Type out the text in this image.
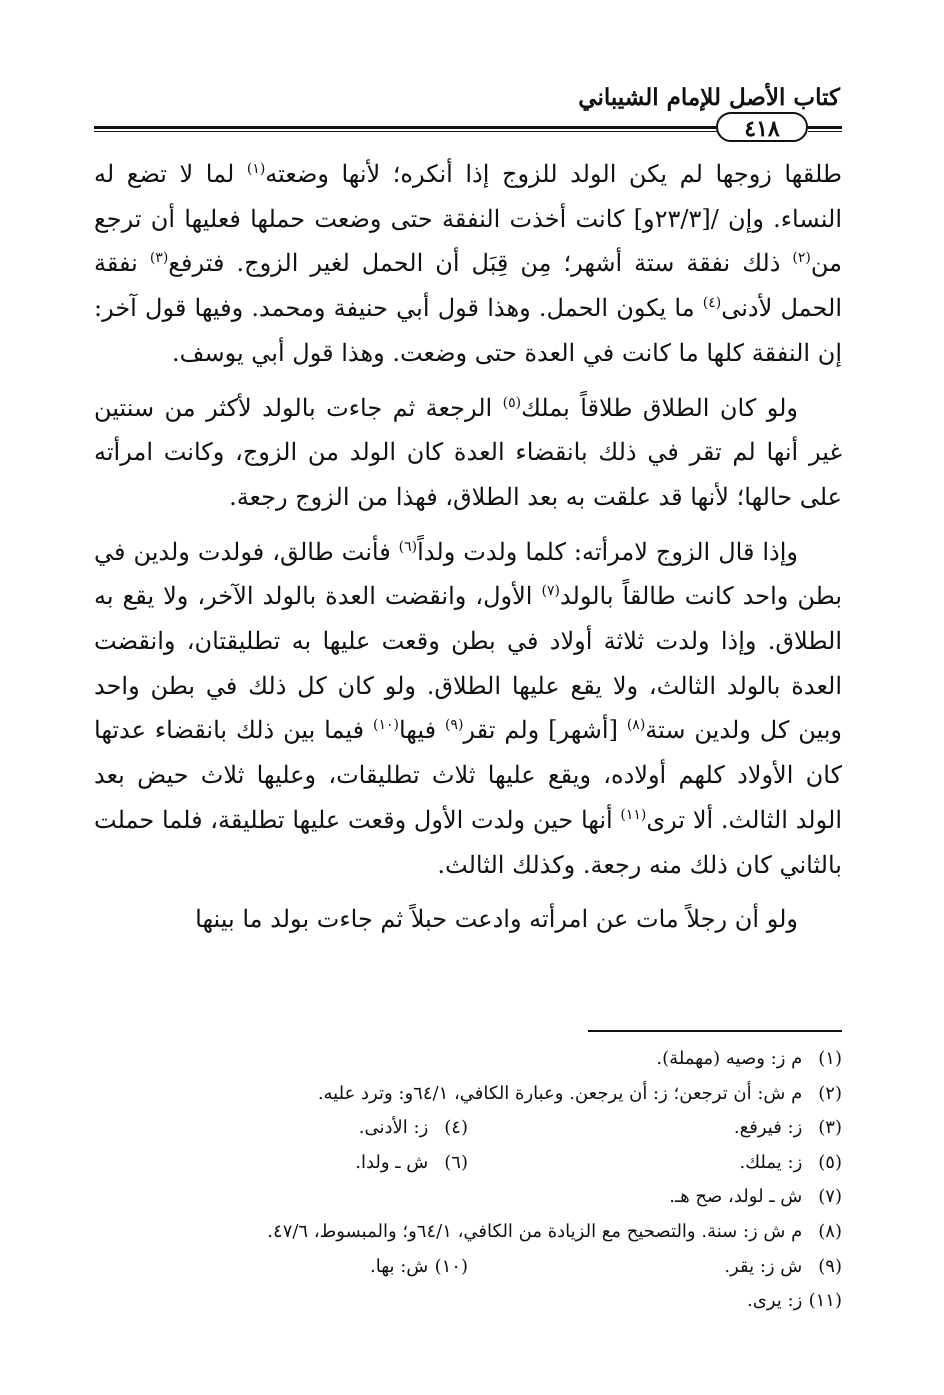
كتاب الأصل للإمام الشيباني
٤١٨

طلقها زوجها لم يكن الولد للزوج إذا أنكره؛ لأنها وضعته$^{(١)}$ لما لا تضع له النساء. وإن /[٢٣/٣و] كانت أخذت النفقة حتى وضعت حملها فعليها أن ترجع من$^{(٢)}$ ذلك نفقة ستة أشهر؛ مِن قِبَل أن الحمل لغير الزوج. فترفع$^{(٣)}$ نفقة الحمل لأدنى$^{(٤)}$ ما يكون الحمل. وهذا قول أبي حنيفة ومحمد. وفيها قول آخر: إن النفقة كلها ما كانت في العدة حتى وضعت. وهذا قول أبي يوسف.

ولو كان الطلاق طلاقاً بملك$^{(٥)}$ الرجعة ثم جاءت بالولد لأكثر من سنتين غير أنها لم تقر في ذلك بانقضاء العدة كان الولد من الزوج، وكانت امرأته على حالها؛ لأنها قد علقت به بعد الطلاق، فهذا من الزوج رجعة.

وإذا قال الزوج لامرأته: كلما ولدت ولداً$^{(٦)}$ فأنت طالق، فولدت ولدين في بطن واحد كانت طالقاً بالولد$^{(٧)}$ الأول، وانقضت العدة بالولد الآخر، ولا يقع به الطلاق. وإذا ولدت ثلاثة أولاد في بطن وقعت عليها به تطليقتان، وانقضت العدة بالولد الثالث، ولا يقع عليها الطلاق. ولو كان كل ذلك في بطن واحد وبين كل ولدين ستة$^{(٨)}$ [أشهر] ولم تقر$^{(٩)}$ فيها$^{(١٠)}$ فيما بين ذلك بانقضاء عدتها كان الأولاد كلهم أولاده، ويقع عليها ثلاث تطليقات، وعليها ثلاث حيض بعد الولد الثالث. ألا ترى$^{(١١)}$ أنها حين ولدت الأول وقعت عليها تطليقة، فلما حملت بالثاني كان ذلك منه رجعة. وكذلك الثالث.

ولو أن رجلاً مات عن امرأته وادعت حبلاً ثم جاءت بولد ما بينها

(١) م ز: وصيه (مهملة).
(٢) م ش: أن ترجعن؛ ز: أن يرجعن. وعبارة الكافي، ٦٤/١و: وترد عليه.
(٣) ز: فيرفع.
(٤) ز: الأدنى.
(٥) ز: يملك.
(٦) ش ـ ولدا.
(٧) ش ـ لولد، صح هـ.
(٨) م ش ز: سنة. والتصحيح مع الزيادة من الكافي، ٦٤/١و؛ والمبسوط، ٤٧/٦.
(٩) ش ز: يقر.
(١٠) ش: بها.
(١١) ز: يرى.
